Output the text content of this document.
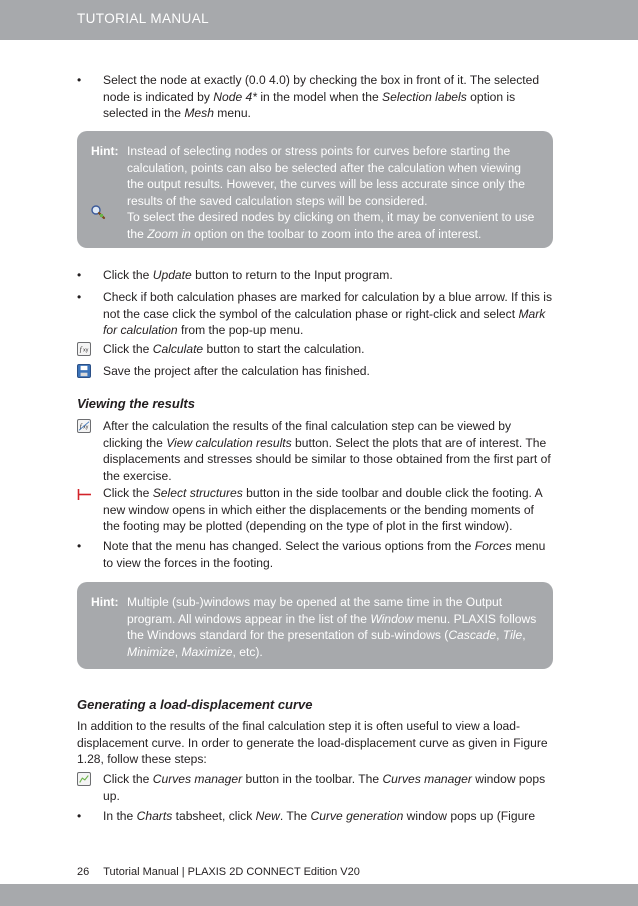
TUTORIAL MANUAL
•	Select the node at exactly (0.0 4.0) by checking the box in front of it. The selected node is indicated by Node 4* in the model when the Selection labels option is selected in the Mesh menu.
Hint: Instead of selecting nodes or stress points for curves before starting the calculation, points can also be selected after the calculation when viewing the output results. However, the curves will be less accurate since only the results of the saved calculation steps will be considered.
To select the desired nodes by clicking on them, it may be convenient to use the Zoom in option on the toolbar to zoom into the area of interest.
•	Click the Update button to return to the Input program.
•	Check if both calculation phases are marked for calculation by a blue arrow. If this is not the case click the symbol of the calculation phase or right-click and select Mark for calculation from the pop-up menu.
f xy Click the Calculate button to start the calculation.
Save the project after the calculation has finished.
Viewing the results
f xy After the calculation the results of the final calculation step can be viewed by clicking the View calculation results button. Select the plots that are of interest. The displacements and stresses should be similar to those obtained from the first part of the exercise.
Click the Select structures button in the side toolbar and double click the footing. A new window opens in which either the displacements or the bending moments of the footing may be plotted (depending on the type of plot in the first window).
•	Note that the menu has changed. Select the various options from the Forces menu to view the forces in the footing.
Hint: Multiple (sub-)windows may be opened at the same time in the Output program. All windows appear in the list of the Window menu. PLAXIS follows the Windows standard for the presentation of sub-windows (Cascade, Tile, Minimize, Maximize, etc).
Generating a load-displacement curve
In addition to the results of the final calculation step it is often useful to view a load-displacement curve. In order to generate the load-displacement curve as given in Figure 1.28, follow these steps:
Click the Curves manager button in the toolbar. The Curves manager window pops up.
•	In the Charts tabsheet, click New. The Curve generation window pops up (Figure
26 Tutorial Manual | PLAXIS 2D CONNECT Edition V20
